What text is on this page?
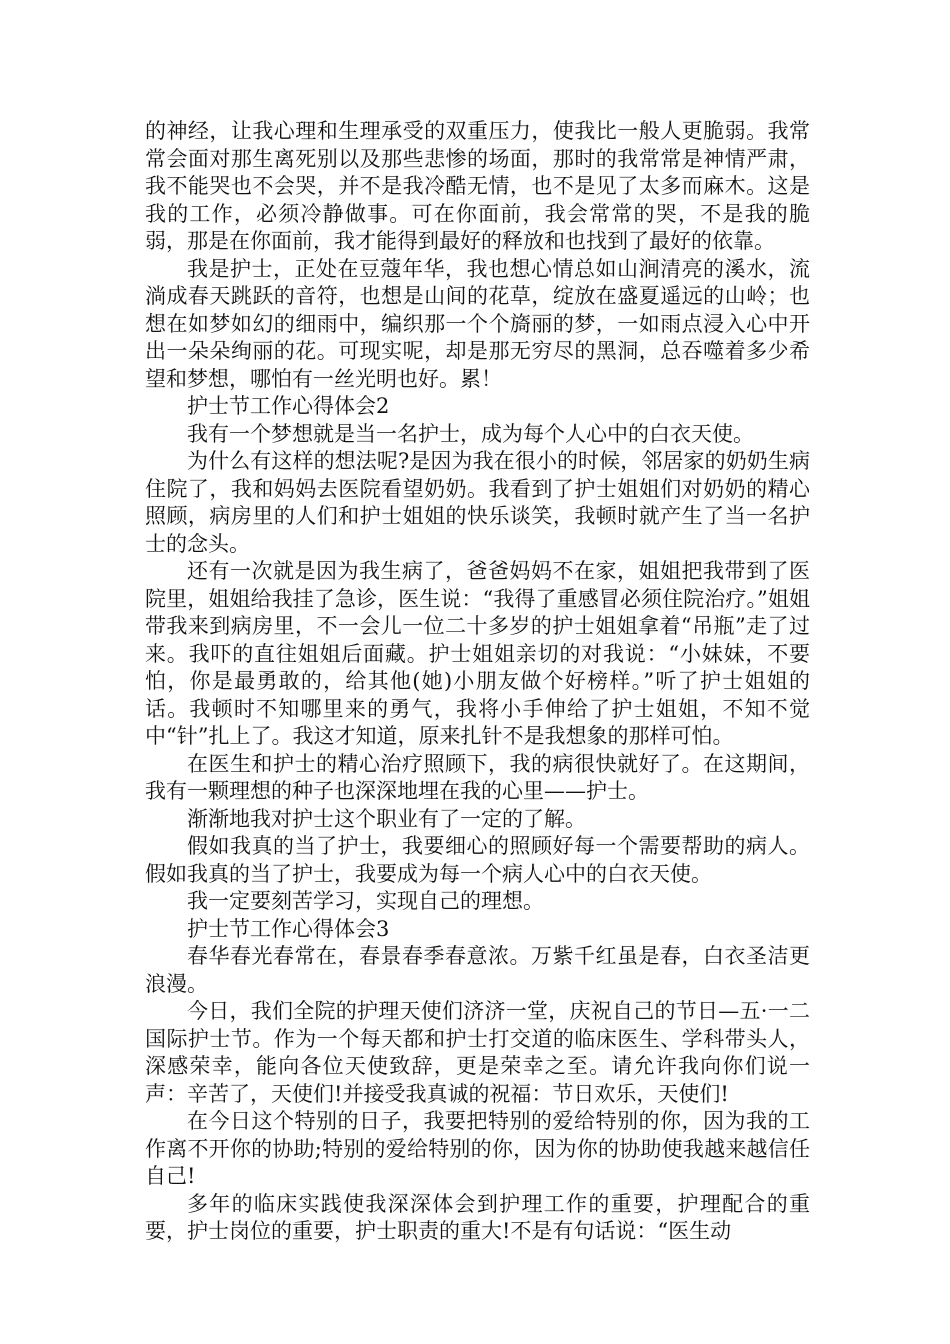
的神经，让我心理和生理承受的双重压力，使我比一般人更脆弱。我常常会面对那生离死别以及那些悲惨的场面，那时的我常常是神情严肃，我不能哭也不会哭，并不是我冷酷无情，也不是见了太多而麻木。这是我的工作，必须冷静做事。可在你面前，我会常常的哭，不是我的脆弱，那是在你面前，我才能得到最好的释放和也找到了最好的依靠。

我是护士，正处在豆蔻年华，我也想心情总如山涧清亮的溪水，流淌成春天跳跃的音符，也想是山间的花草，绽放在盛夏遥远的山岭；也想在如梦如幻的细雨中，编织那一个个旖丽的梦，一如雨点浸入心中开出一朵朵绚丽的花。可现实呢，却是那无穷尽的黑洞，总吞噬着多少希望和梦想，哪怕有一丝光明也好。累！

护士节工作心得体会2

我有一个梦想就是当一名护士，成为每个人心中的白衣天使。

为什么有这样的想法呢?是因为我在很小的时候，邻居家的奶奶生病住院了，我和妈妈去医院看望奶奶。我看到了护士姐姐们对奶奶的精心照顾，病房里的人们和护士姐姐的快乐谈笑，我顿时就产生了当一名护士的念头。

还有一次就是因为我生病了，爸爸妈妈不在家，姐姐把我带到了医院里，姐姐给我挂了急诊，医生说：“我得了重感冒必须住院治疗。”姐姐带我来到病房里，不一会儿一位二十多岁的护士姐姐拿着“吊瓶”走了过来。我吓的直往姐姐后面藏。护士姐姐亲切的对我说：“小妹妹，不要怕，你是最勇敢的，给其他(她)小朋友做个好榜样。”听了护士姐姐的话。我顿时不知哪里来的勇气，我将小手伸给了护士姐姐，不知不觉中“针”扎上了。我这才知道，原来扎针不是我想象的那样可怕。

在医生和护士的精心治疗照顾下，我的病很快就好了。在这期间，我有一颗理想的种子也深深地埋在我的心里——护士。

渐渐地我对护士这个职业有了一定的了解。

假如我真的当了护士，我要细心的照顾好每一个需要帮助的病人。假如我真的当了护士，我要成为每一个病人心中的白衣天使。

我一定要刻苦学习，实现自己的理想。

护士节工作心得体会3

春华春光春常在，春景春季春意浓。万紫千红虽是春，白衣圣洁更浪漫。

今日，我们全院的护理天使们济济一堂，庆祝自己的节日—五·一二国际护士节。作为一个每天都和护士打交道的临床医生、学科带头人，深感荣幸，能向各位天使致辞，更是荣幸之至。请允许我向你们说一声：辛苦了，天使们!并接受我真诚的祝福：节日欢乐，天使们!

在今日这个特别的日子，我要把特别的爱给特别的你，因为我的工作离不开你的协助;特别的爱给特别的你，因为你的协助使我越来越信任自己!

多年的临床实践使我深深体会到护理工作的重要，护理配合的重要，护士岗位的重要，护士职责的重大!不是有句话说：“医生动
